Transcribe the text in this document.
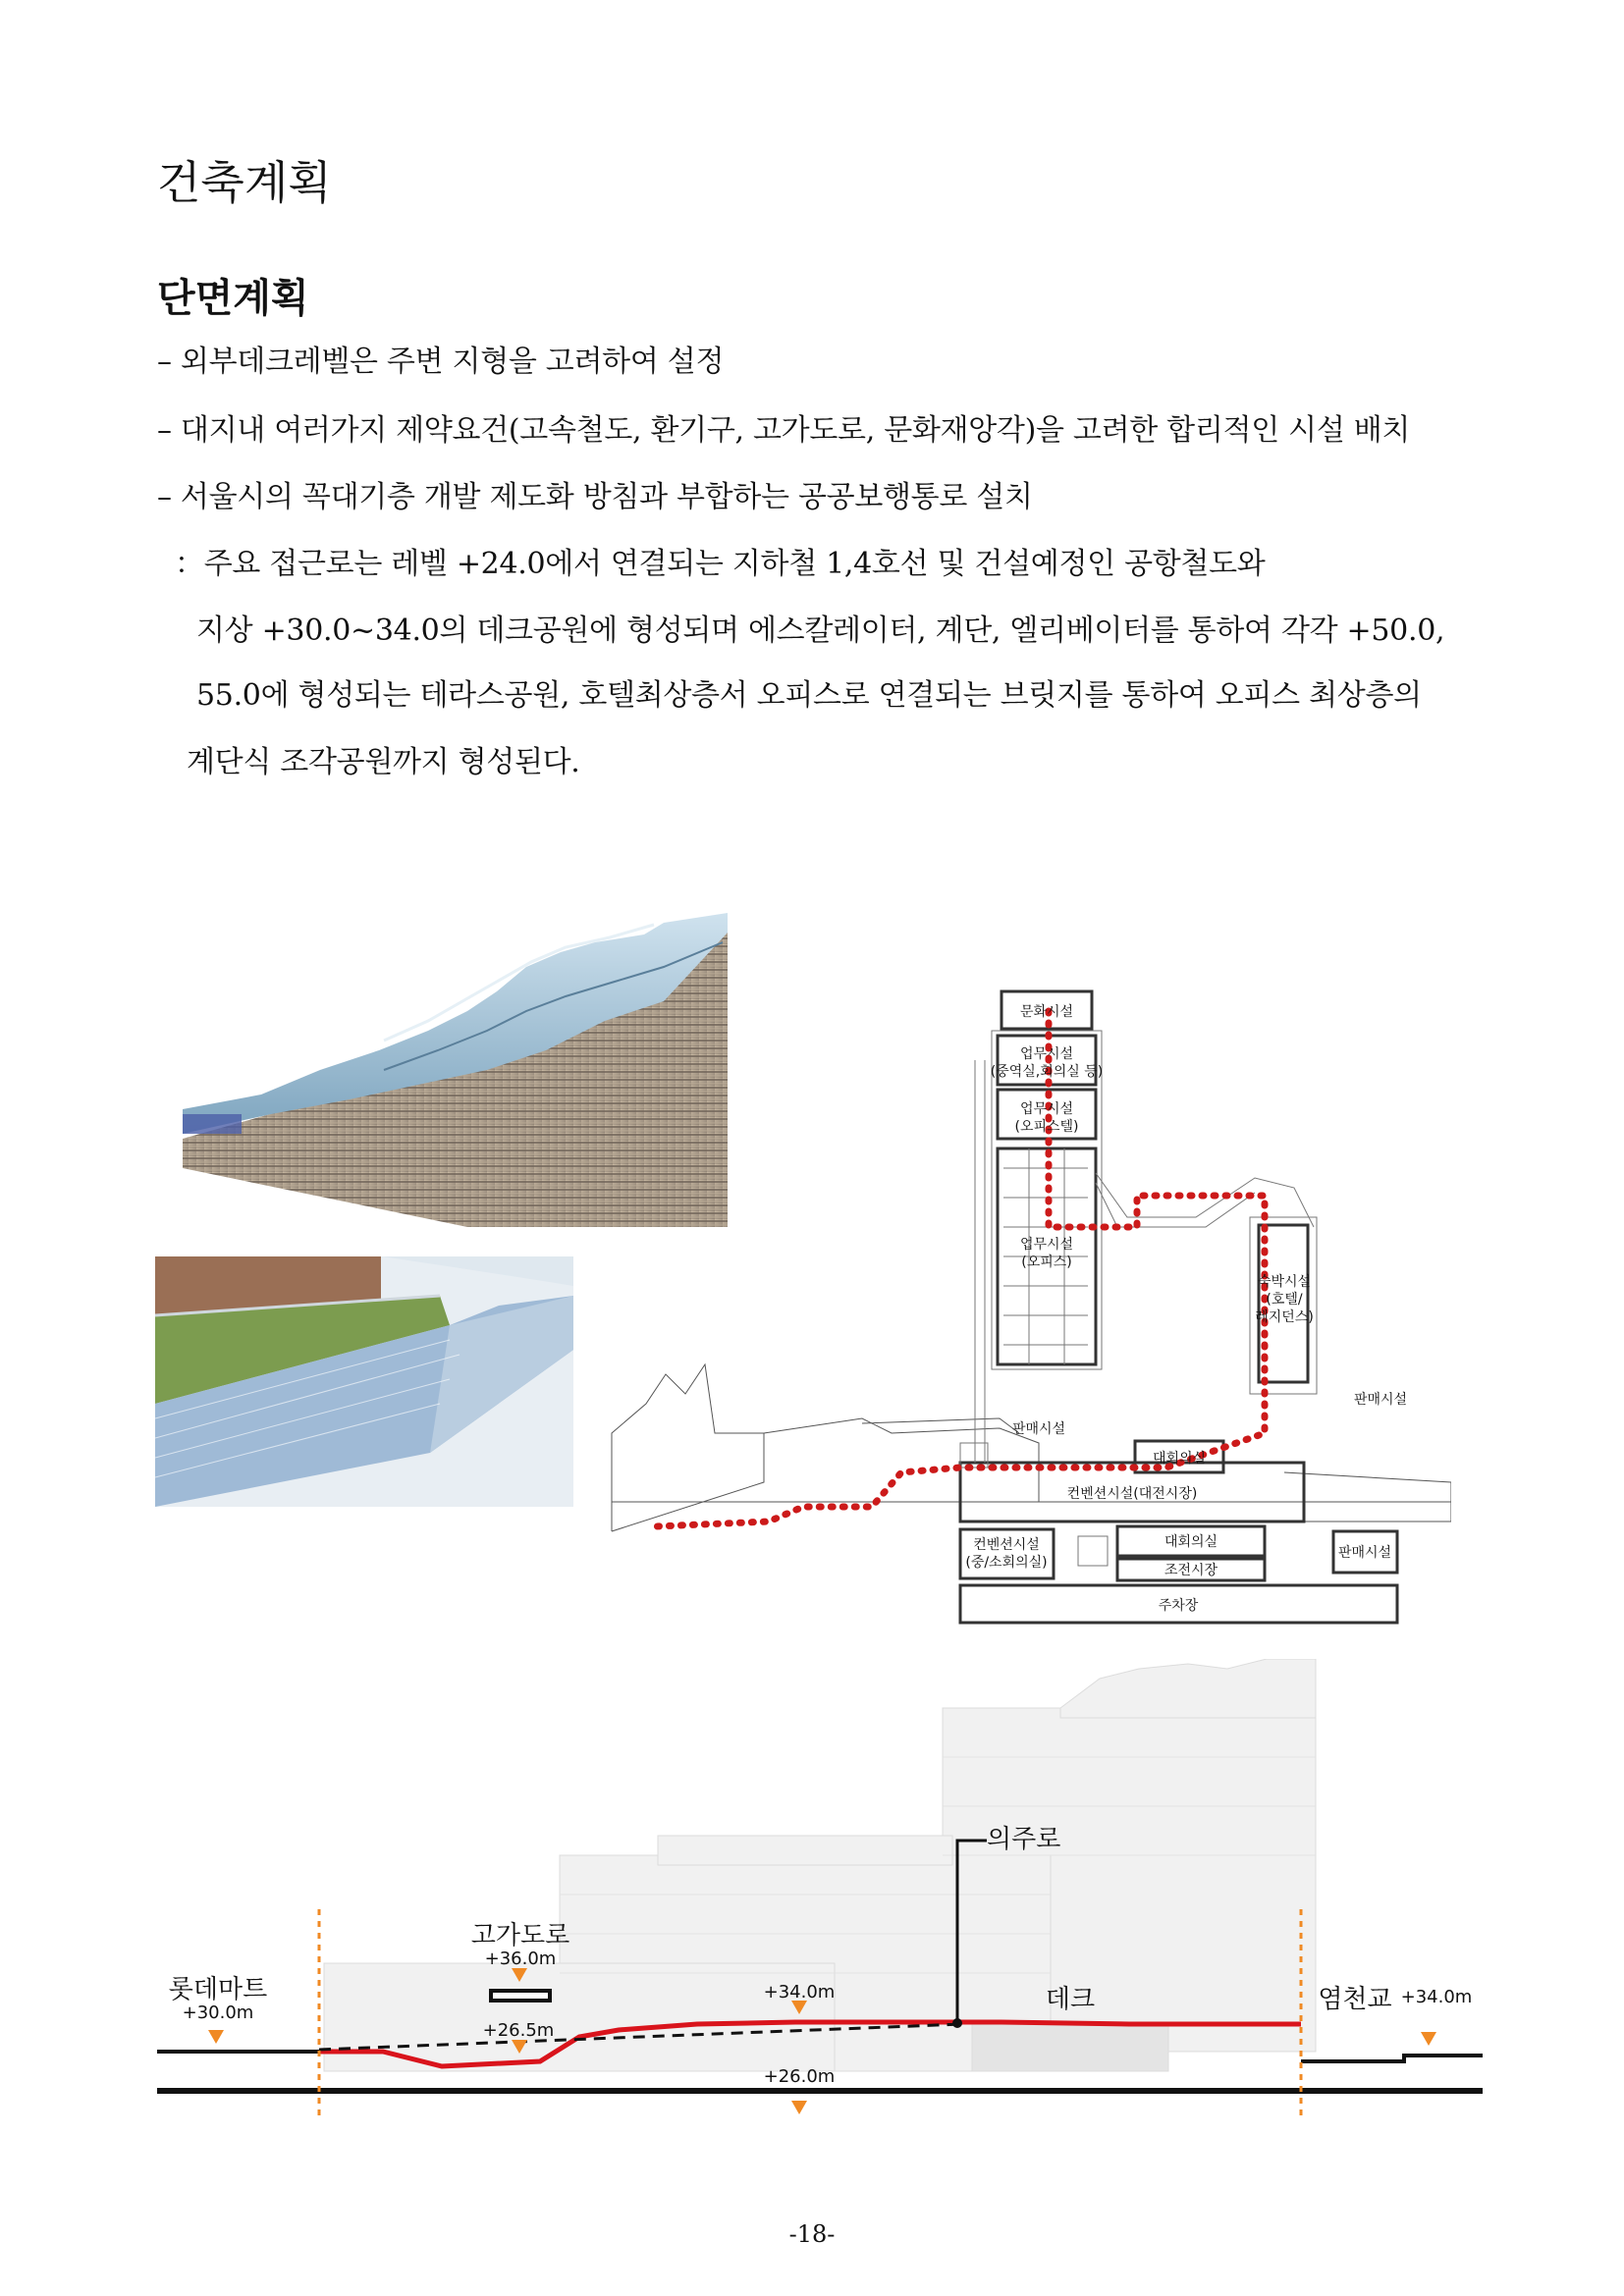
건축계획
단면계획
– 외부데크레벨은 주변 지형을 고려하여 설정
– 대지내 여러가지 제약요건(고속철도, 환기구, 고가도로, 문화재앙각)을 고려한 합리적인 시설 배치
– 서울시의 꼭대기층 개발 제도화 방침과 부합하는 공공보행통로 설치
：주요 접근로는 레벨 +24.0에서 연결되는 지하철 1,4호선 및 건설예정인 공항철도와
지상 +30.0~34.0의 데크공원에 형성되며 에스칼레이터, 계단, 엘리베이터를 통하여 각각 +50.0,
55.0에 형성되는 테라스공원, 호텔최상층서 오피스로 연결되는 브릿지를 통하여 오피스 최상층의
계단식 조각공원까지 형성된다.
문화시설
업무시설
(중역실,회의실 등)
업무시설
(오피스텔)
업무시설
(오피스)
숙박시설
(호텔/
레지던스)
판매시설
판매시설
대회의실
컨벤션시설(대전시장)
컨벤션시설
(중/소회의실)
대회의실
조전시장
판매시설
주차장
의주로
고가도로
+36.0m
롯데마트
+30.0m
+26.5m
+34.0m
+26.0m
데크	염천교 +34.0m
-18-
